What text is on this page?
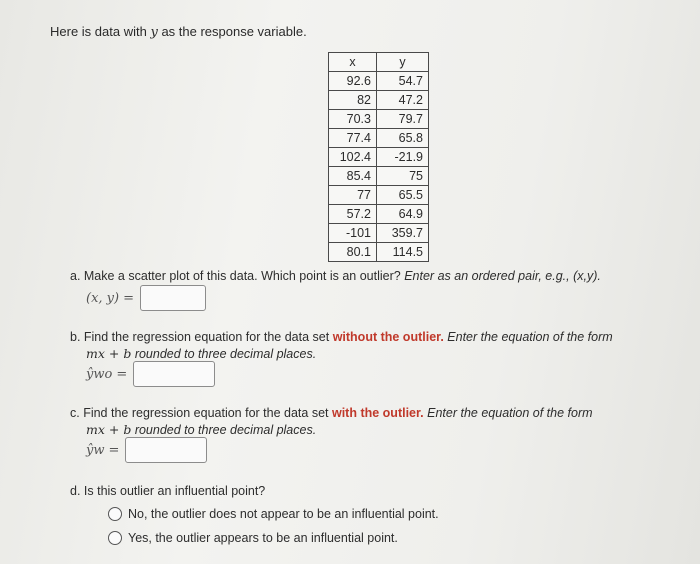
Here is data with y as the response variable.
x	y
92.6	54.7
82	47.2
70.3	79.7
77.4	65.8
102.4	-21.9
85.4	75
77	65.5
57.2	64.9
-101	359.7
80.1	114.5
a. Make a scatter plot of this data. Which point is an outlier? Enter as an ordered pair, e.g., (x,y).
(x, y) =
b. Find the regression equation for the data set without the outlier. Enter the equation of the form
mx + b rounded to three decimal places.
ŷwo =
c. Find the regression equation for the data set with the outlier. Enter the equation of the form
mx + b rounded to three decimal places.
ŷw =
d. Is this outlier an influential point?
No, the outlier does not appear to be an influential point.
Yes, the outlier appears to be an influential point.
